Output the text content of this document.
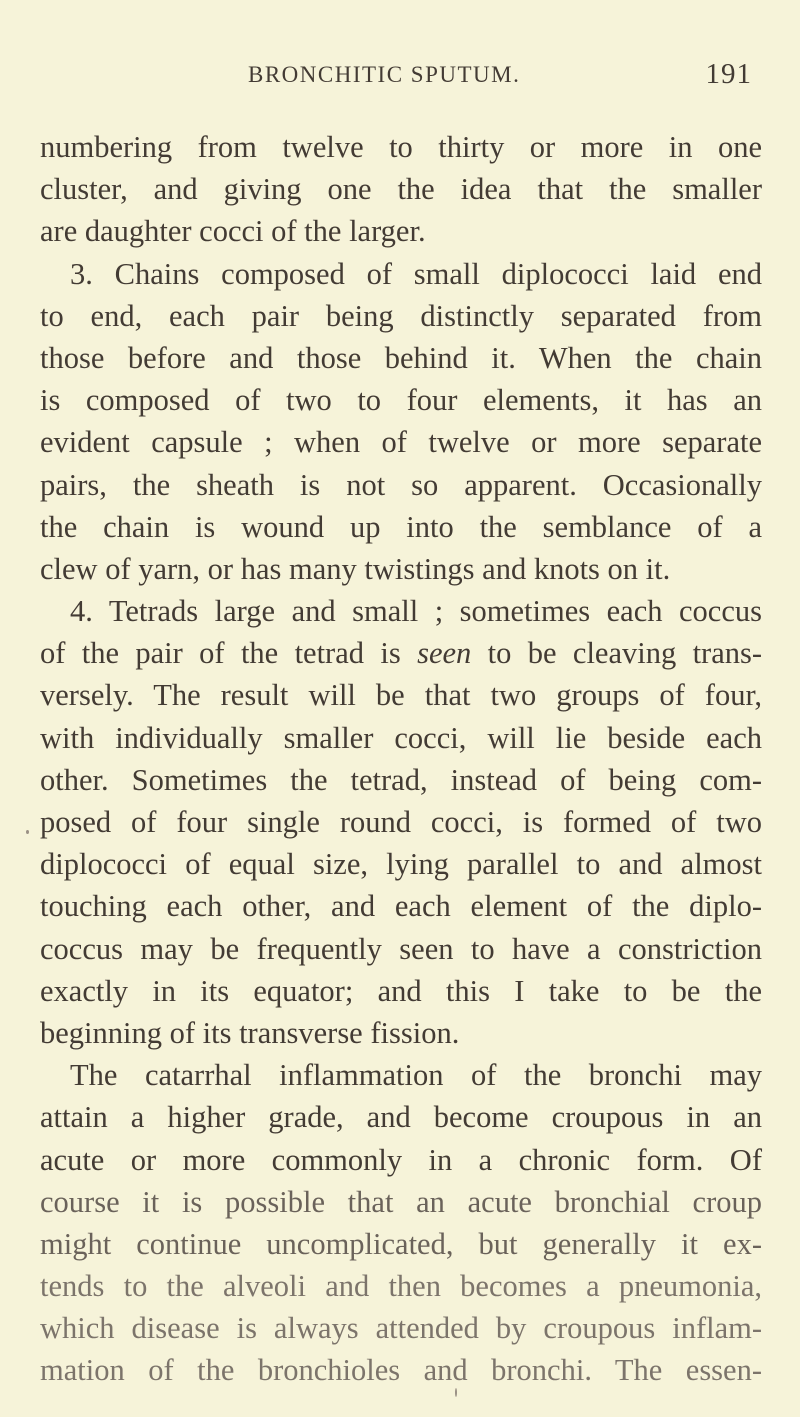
BRONCHITIC SPUTUM.	191
numbering from twelve to thirty or more in one
cluster, and giving one the idea that the smaller
are daughter cocci of the larger.
3. Chains composed of small diplococci laid end
to end, each pair being distinctly separated from
those before and those behind it. When the chain
is composed of two to four elements, it has an
evident capsule ; when of twelve or more separate
pairs, the sheath is not so apparent. Occasionally
the chain is wound up into the semblance of a
clew of yarn, or has many twistings and knots on it.
4. Tetrads large and small ; sometimes each coccus
of the pair of the tetrad is seen to be cleaving trans-
versely. The result will be that two groups of four,
with individually smaller cocci, will lie beside each
other. Sometimes the tetrad, instead of being com-
posed of four single round cocci, is formed of two
diplococci of equal size, lying parallel to and almost
touching each other, and each element of the diplo-
coccus may be frequently seen to have a constriction
exactly in its equator; and this I take to be the
beginning of its transverse fission.
The catarrhal inflammation of the bronchi may
attain a higher grade, and become croupous in an
acute or more commonly in a chronic form. Of
course it is possible that an acute bronchial croup
might continue uncomplicated, but generally it ex-
tends to the alveoli and then becomes a pneumonia,
which disease is always attended by croupous inflam-
mation of the bronchioles and bronchi. The essen-
